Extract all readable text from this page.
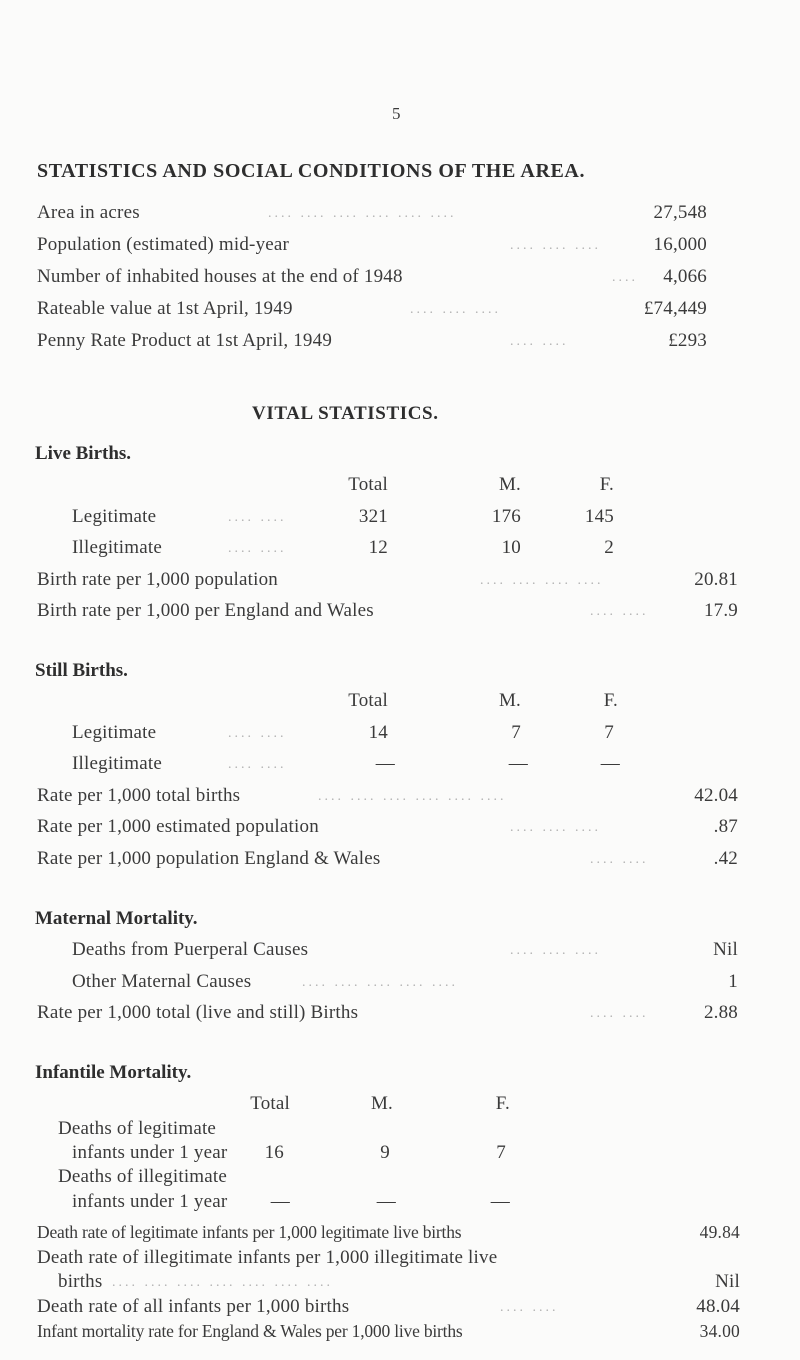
5
STATISTICS AND SOCIAL CONDITIONS OF THE AREA.
Area in acres	.... .... .... .... .... ....	27,548
Population (estimated) mid-year	.... .... ....	16,000
Number of inhabited houses at the end of 1948	.... 4,066
Rateable value at 1st April, 1949	.... .... ....	£74,449
Penny Rate Product at 1st April, 1949	.... ....	£293
VITAL STATISTICS.
Live Births.
Total	M.	F.
Legitimate	.... ....	321	176	145
Illegitimate	.... ....	12	10	2
Birth rate per 1,000 population	.... .... .... ....	20.81
Birth rate per 1,000 per England and Wales	.... ....	17.9
Still Births.
Total	M.	F.
Legitimate	.... ....	14	7	7
Illegitimate	.... ....	—	—	—
Rate per 1,000 total births	.... .... .... .... .... ....	42.04
Rate per 1,000 estimated population	.... .... ....	.87
Rate per 1,000 population England & Wales	.... ....	.42
Maternal Mortality.
Deaths from Puerperal Causes	.... .... ....	Nil
Other Maternal Causes	.... .... .... .... ....	1
Rate per 1,000 total (live and still) Births	.... ....	2.88
Infantile Mortality.
Total	M.	F.
Deaths of legitimate
infants under 1 year 16	9	7
Deaths of illegitimate
infants under 1 year —	—	—
Death rate of legitimate infants per 1,000 legitimate live births	49.84
Death rate of illegitimate infants per 1,000 illegitimate live
births .... .... .... .... .... .... ....	Nil
Death rate of all infants per 1,000 births	.... ....	48.04
Infant mortality rate for England & Wales per 1,000 live births	34.00
